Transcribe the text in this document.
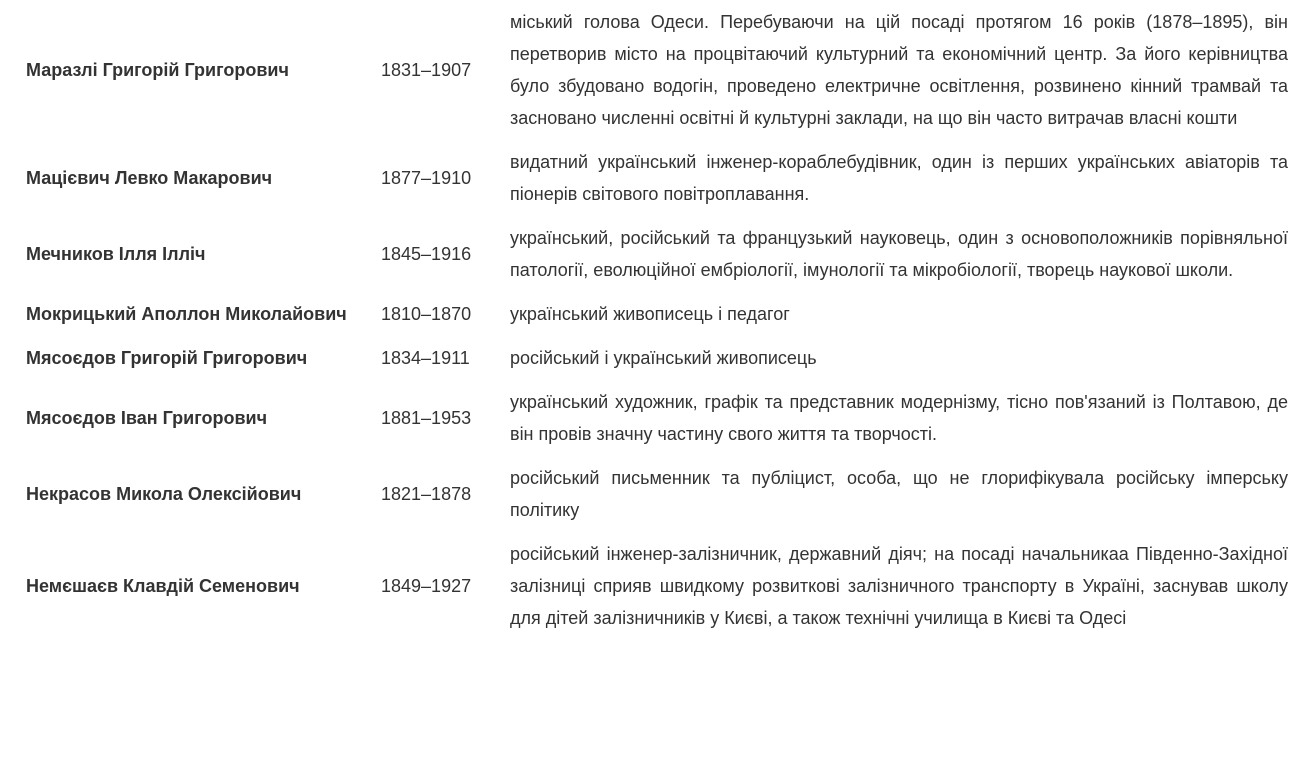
Маразлі Григорій Григорович	1831–1907	міський голова Одеси. Перебуваючи на цій посаді протягом 16 років (1878–1895), він перетворив місто на процвітаючий культурний та економічний центр. За його керівництва було збудовано водогін, проведено електричне освітлення, розвинено кінний трамвай та засновано численні освітні й культурні заклади, на що він часто витрачав власні кошти
Мацієвич Левко Макарович	1877–1910	видатний український інженер-кораблебудівник, один із перших українських авіаторів та піонерів світового повітроплавання.
Мечников Ілля Ілліч	1845–1916	український, російський та французький науковець, один з основоположників порівняльної патології, еволюційної ембріології, імунології та мікробіології, творець наукової школи.
Мокрицький Аполлон Миколайович	1810–1870	український живописець і педагог
Мясоєдов Григорій Григорович	1834–1911	російський і український живописець
Мясоєдов Іван Григорович	1881–1953	український художник, графік та представник модернізму, тісно пов'язаний із Полтавою, де він провів значну частину свого життя та творчості.
Некрасов Микола Олексійович	1821–1878	російський письменник та публіцист, особа, що не глорифікувала російську імперську політику
Немєшаєв Клавдій Семенович	1849–1927	російський інженер-залізничник, державний діяч; на посаді начальникаа Південно-Західної залізниці сприяв швидкому розвиткові залізничного транспорту в Україні, заснував школу для дітей залізничників у Києві, а також технічні училища в Києві та Одесі
